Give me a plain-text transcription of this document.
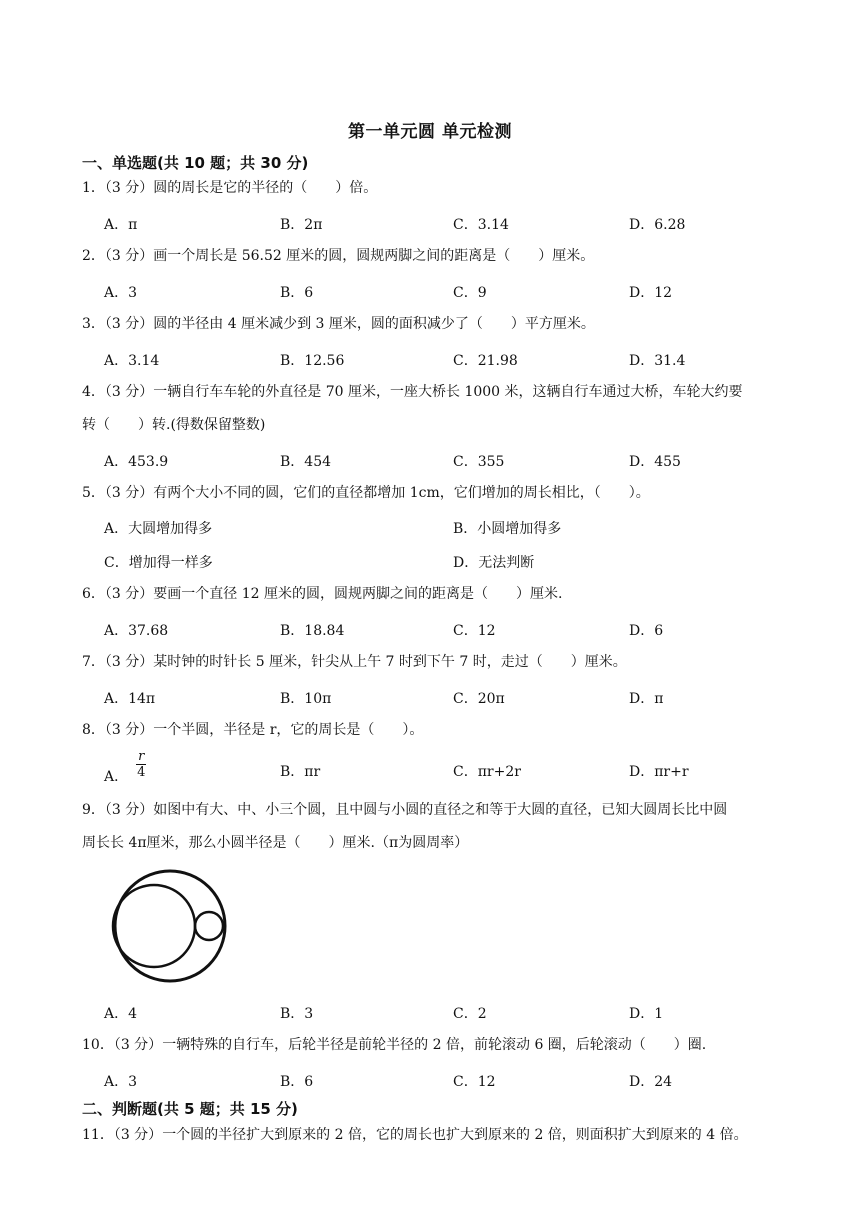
第一单元圆 单元检测
一、单选题(共 10 题；共 30 分)
1．（3 分）圆的周长是它的半径的（　　）倍。
A．π	B．2π	C．3.14	D．6.28
2．（3 分）画一个周长是 56.52 厘米的圆，圆规两脚之间的距离是（　　）厘米。
A．3	B．6	C．9	D．12
3．（3 分）圆的半径由 4 厘米减少到 3 厘米，圆的面积减少了（　　）平方厘米。
A．3.14	B．12.56	C．21.98	D．31.4
4．（3 分）一辆自行车车轮的外直径是 70 厘米，一座大桥长 1000 米，这辆自行车通过大桥，车轮大约要
转（　　）转.(得数保留整数)
A．453.9	B．454	C．355	D．455
5．（3 分）有两个大小不同的圆，它们的直径都增加 1cm，它们增加的周长相比，（　　）。
A．大圆增加得多	B．小圆增加得多
C．增加得一样多	D．无法判断
6．（3 分）要画一个直径 12 厘米的圆，圆规两脚之间的距离是（　　）厘米.
A．37.68	B．18.84	C．12	D．6
7．（3 分）某时钟的时针长 5 厘米，针尖从上午 7 时到下午 7 时，走过（　　）厘米。
A．14π	B．10π	C．20π	D．π
8．（3 分）一个半圆，半径是 r，它的周长是（　　）。
A． $\frac{r}{4}$	B．πr	C．πr+2r	D．πr+r
9．（3 分）如图中有大、中、小三个圆，且中圆与小圆的直径之和等于大圆的直径，已知大圆周长比中圆
周长长 4π厘米，那么小圆半径是（　　）厘米.（π为圆周率）
A．4	B．3	C．2	D．1
10．（3 分）一辆特殊的自行车，后轮半径是前轮半径的 2 倍，前轮滚动 6 圈，后轮滚动（　　）圈.
A．3	B．6	C．12	D．24
二、判断题(共 5 题；共 15 分)
11．（3 分）一个圆的半径扩大到原来的 2 倍，它的周长也扩大到原来的 2 倍，则面积扩大到原来的 4 倍。
